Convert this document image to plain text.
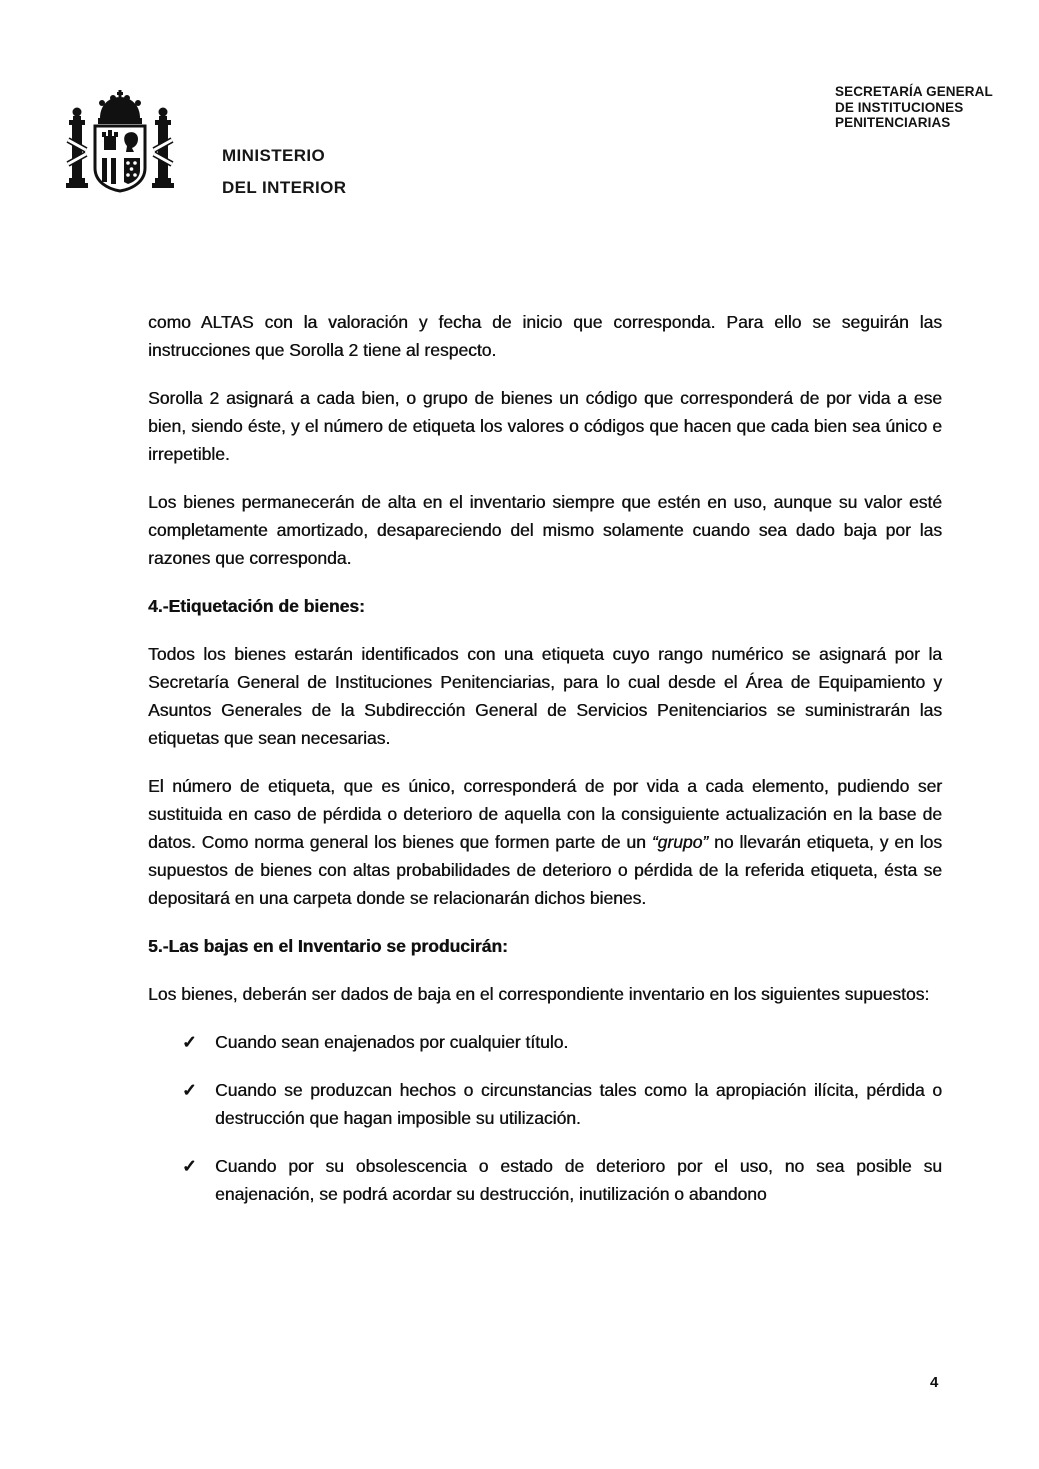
MINISTERIO
DEL INTERIOR
SECRETARÍA GENERAL
DE INSTITUCIONES
PENITENCIARIAS

como ALTAS con la valoración y fecha de inicio que corresponda. Para ello se seguirán las instrucciones que Sorolla 2 tiene al respecto.

Sorolla 2 asignará a cada bien, o grupo de bienes un código que corresponderá de por vida a ese bien, siendo éste, y el número de etiqueta los valores o códigos que hacen que cada bien sea único e irrepetible.

Los bienes permanecerán de alta en el inventario siempre que estén en uso, aunque su valor esté completamente amortizado, desapareciendo del mismo solamente cuando sea dado baja por las razones que corresponda.

4.-Etiquetación de bienes:

Todos los bienes estarán identificados con una etiqueta cuyo rango numérico se asignará por la Secretaría General de Instituciones Penitenciarias, para lo cual desde el Área de Equipamiento y Asuntos Generales de la Subdirección General de Servicios Penitenciarios se suministrarán las etiquetas que sean necesarias.

El número de etiqueta, que es único, corresponderá de por vida a cada elemento, pudiendo ser sustituida en caso de pérdida o deterioro de aquella con la consiguiente actualización en la base de datos. Como norma general los bienes que formen parte de un “grupo” no llevarán etiqueta, y en los supuestos de bienes con altas probabilidades de deterioro o pérdida de la referida etiqueta, ésta se depositará en una carpeta donde se relacionarán dichos bienes.

5.-Las bajas en el Inventario se producirán:

Los bienes, deberán ser dados de baja en el correspondiente inventario en los siguientes supuestos:

✓ Cuando sean enajenados por cualquier título.
✓ Cuando se produzcan hechos o circunstancias tales como la apropiación ilícita, pérdida o destrucción que hagan imposible su utilización.
✓ Cuando por su obsolescencia o estado de deterioro por el uso, no sea posible su enajenación, se podrá acordar su destrucción, inutilización o abandono
4
